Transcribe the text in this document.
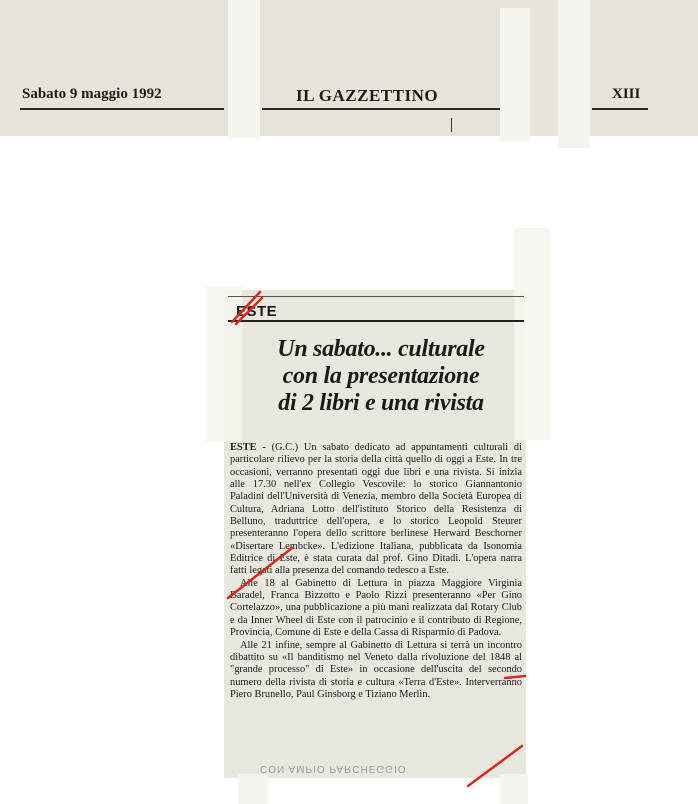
Sabato 9 maggio 1992	IL GAZZETTINO	XIII
ESTE
Un sabato... culturale
con la presentazione
di 2 libri e una rivista

ESTE - (G.C.) Un sabato dedicato ad appuntamenti culturali di particolare rilievo per la storia della città quello di oggi a Este. In tre occasioni, verranno presentati oggi due libri e una rivista. Si inizia alle 17.30 nell'ex Collegio Vescovile: lo storico Giannantonio Paladini dell'Università di Venezia, membro della Società Europea di Cultura, Adriana Lotto dell'istituto Storico della Resistenza di Belluno, traduttrice dell'opera, e lo storico Leopold Steurer presenteranno l'opera dello scrittore berlinese Herward Beschorner «Disertare Lembcke». L'edizione Italiana, pubblicata da Isonomia Editrice di Este, è stata curata dal prof. Gino Ditadi. L'opera narra fatti legati alla presenza del comando tedesco a Este.

Alle 18 al Gabinetto di Lettura in piazza Maggiore Virginia Baradel, Franca Bizzotto e Paolo Rizzi presenteranno «Per Gino Cortelazzo», una pubblicazione a più mani realizzata dal Rotary Club e da Inner Wheel di Este con il patrocinio e il contributo di Regione, Provincia, Comune di Este e della Cassa di Risparmio di Padova.

Alle 21 infine, sempre al Gabinetto di Lettura si terrà un incontro dibattito su «Il banditismo nel Veneto dalla rivoluzione del 1848 al "grande processo" di Este» in occasione dell'uscita del secondo numero della rivista di storia e cultura «Terra d'Este». Interverranno Piero Brunello, Paul Ginsborg e Tiziano Merlin.

CON AMPIO PARCHEGGIO
